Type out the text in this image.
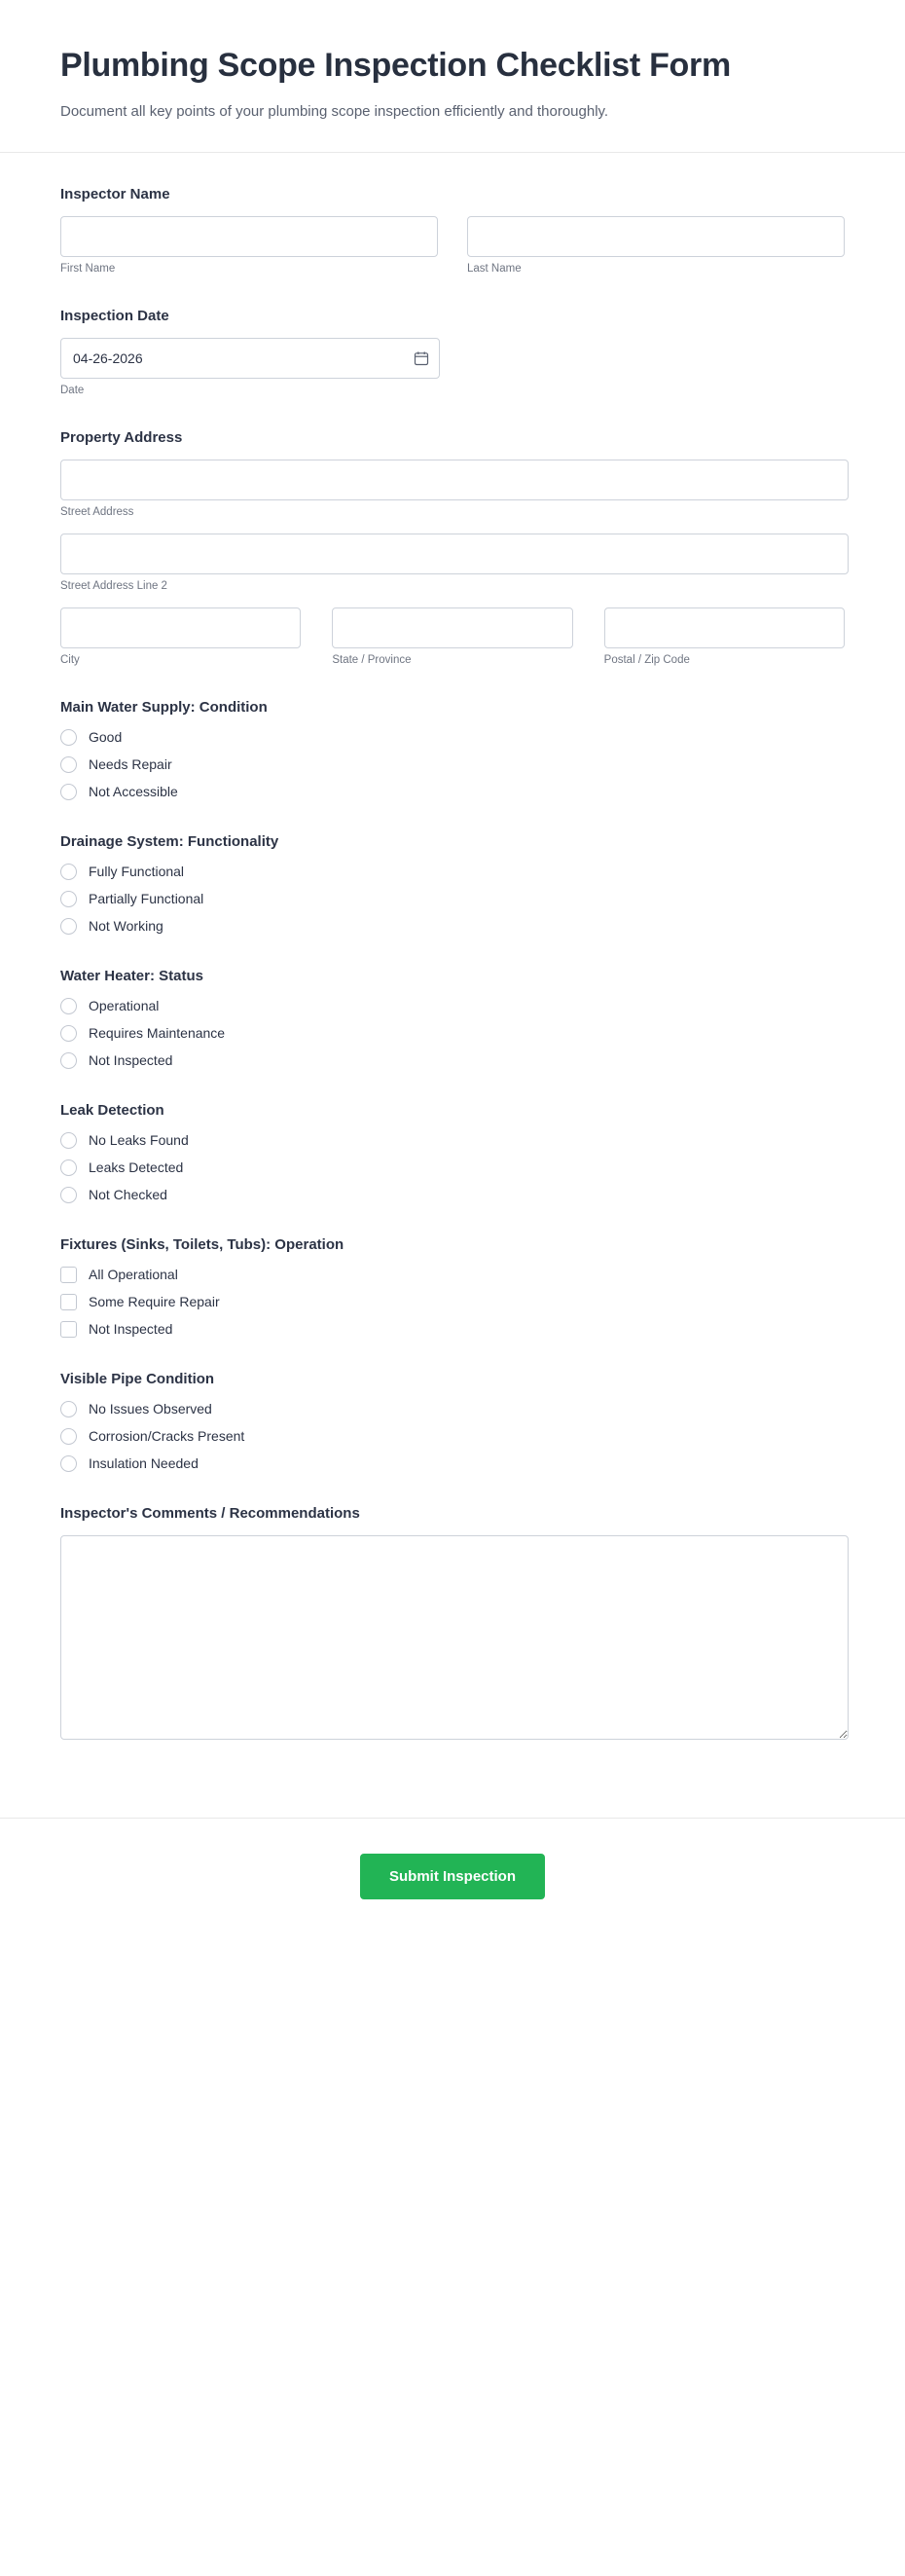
Plumbing Scope Inspection Checklist Form

Document all key points of your plumbing scope inspection efficiently and thoroughly.

Inspector Name
First Name	Last Name
Inspection Date
04-26-2026
Date
Property Address
Street Address
Street Address Line 2
City	State / Province	Postal / Zip Code
Main Water Supply: Condition
Good
Needs Repair
Not Accessible
Drainage System: Functionality
Fully Functional
Partially Functional
Not Working
Water Heater: Status
Operational
Requires Maintenance
Not Inspected
Leak Detection
No Leaks Found
Leaks Detected
Not Checked
Fixtures (Sinks, Toilets, Tubs): Operation
All Operational
Some Require Repair
Not Inspected
Visible Pipe Condition
No Issues Observed
Corrosion/Cracks Present
Insulation Needed
Inspector's Comments / Recommendations
Submit Inspection
